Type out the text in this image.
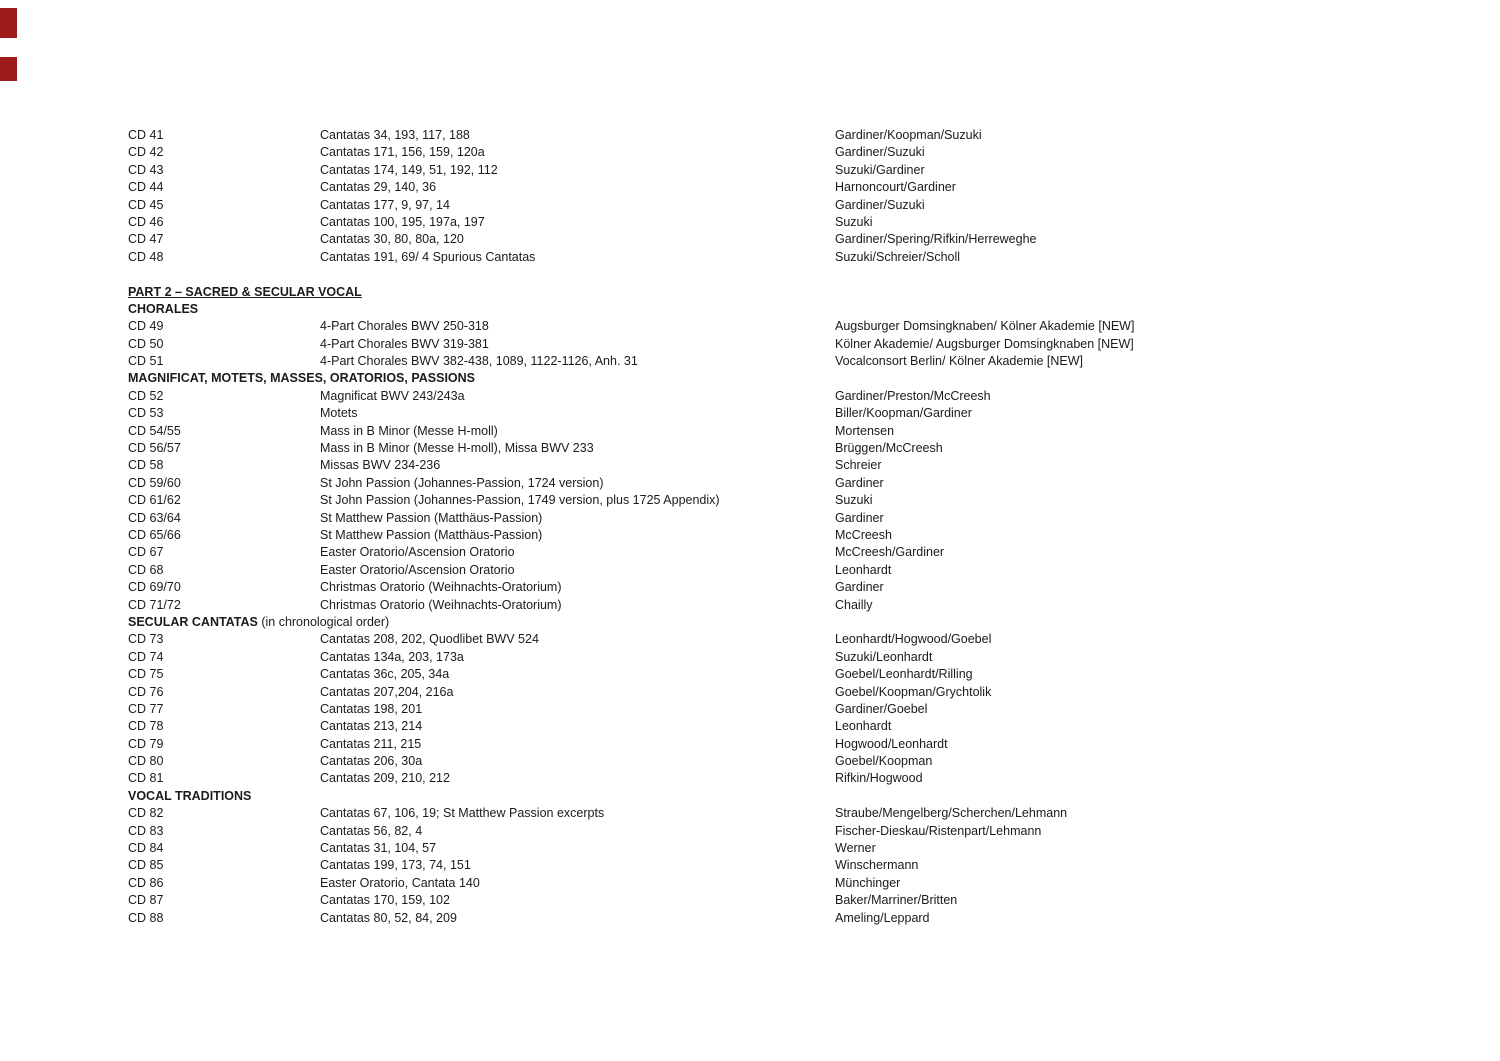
CD 41	Cantatas 34, 193, 117, 188	Gardiner/Koopman/Suzuki
CD 42	Cantatas 171, 156, 159, 120a	Gardiner/Suzuki
CD 43	Cantatas 174, 149, 51, 192, 112	Suzuki/Gardiner
CD 44	Cantatas 29, 140, 36	Harnoncourt/Gardiner
CD 45	Cantatas 177, 9, 97, 14	Gardiner/Suzuki
CD 46	Cantatas 100, 195, 197a, 197	Suzuki
CD 47	Cantatas 30, 80, 80a, 120	Gardiner/Spering/Rifkin/Herreweghe
CD 48	Cantatas 191, 69/ 4 Spurious Cantatas	Suzuki/Schreier/Scholl
PART 2 – SACRED & SECULAR VOCAL
CHORALES
CD 49	4-Part Chorales BWV 250-318	Augsburger Domsingknaben/ Kölner Akademie [NEW]
CD 50	4-Part Chorales BWV 319-381	Kölner Akademie/ Augsburger Domsingknaben [NEW]
CD 51	4-Part Chorales BWV 382-438, 1089, 1122-1126, Anh. 31	Vocalconsort Berlin/ Kölner Akademie [NEW]
MAGNIFICAT, MOTETS, MASSES, ORATORIOS, PASSIONS
CD 52	Magnificat BWV 243/243a	Gardiner/Preston/McCreesh
CD 53	Motets	Biller/Koopman/Gardiner
CD 54/55	Mass in B Minor (Messe H-moll)	Mortensen
CD 56/57	Mass in B Minor (Messe H-moll), Missa BWV 233	Brüggen/McCreesh
CD 58	Missas BWV 234-236	Schreier
CD 59/60	St John Passion (Johannes-Passion, 1724 version)	Gardiner
CD 61/62	St John Passion (Johannes-Passion, 1749 version, plus 1725 Appendix)	Suzuki
CD 63/64	St Matthew Passion (Matthäus-Passion)	Gardiner
CD 65/66	St Matthew Passion (Matthäus-Passion)	McCreesh
CD 67	Easter Oratorio/Ascension Oratorio	McCreesh/Gardiner
CD 68	Easter Oratorio/Ascension Oratorio	Leonhardt
CD 69/70	Christmas Oratorio (Weihnachts-Oratorium)	Gardiner
CD 71/72	Christmas Oratorio (Weihnachts-Oratorium)	Chailly
SECULAR CANTATAS (in chronological order)
CD 73	Cantatas 208, 202, Quodlibet BWV 524	Leonhardt/Hogwood/Goebel
CD 74	Cantatas 134a, 203, 173a	Suzuki/Leonhardt
CD 75	Cantatas 36c, 205, 34a	Goebel/Leonhardt/Rilling
CD 76	Cantatas 207,204, 216a	Goebel/Koopman/Grychtolik
CD 77	Cantatas 198, 201	Gardiner/Goebel
CD 78	Cantatas 213, 214	Leonhardt
CD 79	Cantatas 211, 215	Hogwood/Leonhardt
CD 80	Cantatas 206, 30a	Goebel/Koopman
CD 81	Cantatas 209, 210, 212	Rifkin/Hogwood
VOCAL TRADITIONS
CD 82	Cantatas 67, 106, 19; St Matthew Passion excerpts	Straube/Mengelberg/Scherchen/Lehmann
CD 83	Cantatas 56, 82, 4	Fischer-Dieskau/Ristenpart/Lehmann
CD 84	Cantatas 31, 104, 57	Werner
CD 85	Cantatas 199, 173, 74, 151	Winschermann
CD 86	Easter Oratorio, Cantata 140	Münchinger
CD 87	Cantatas 170, 159, 102	Baker/Marriner/Britten
CD 88	Cantatas 80, 52, 84, 209	Ameling/Leppard
